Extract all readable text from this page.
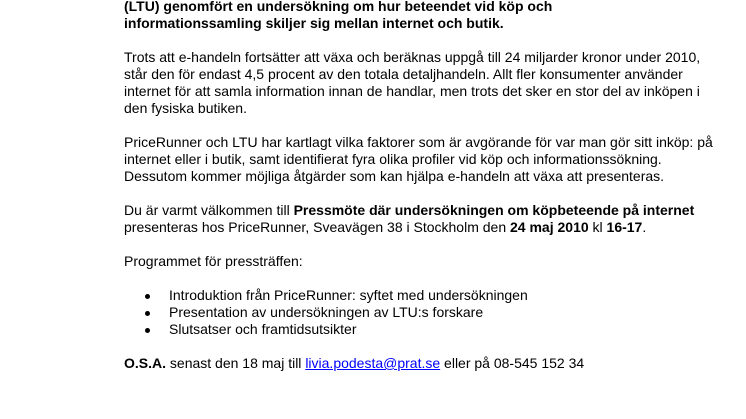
(LTU) genomfört en undersökning om hur beteendet vid köp och
informationssamling skiljer sig mellan internet och butik.

Trots att e-handeln fortsätter att växa och beräknas uppgå till 24 miljarder kronor under 2010, står den för endast 4,5 procent av den totala detaljhandeln. Allt fler konsumenter använder internet för att samla information innan de handlar, men trots det sker en stor del av inköpen i den fysiska butiken.

PriceRunner och LTU har kartlagt vilka faktorer som är avgörande för var man gör sitt inköp: på internet eller i butik, samt identifierat fyra olika profiler vid köp och informationssökning. Dessutom kommer möjliga åtgärder som kan hjälpa e-handeln att växa att presenteras.

Du är varmt välkommen till Pressmöte där undersökningen om köpbeteende på internet presenteras hos PriceRunner, Sveavägen 38 i Stockholm den 24 maj 2010 kl 16-17.

Programmet för pressträffen:

Introduktion från PriceRunner: syftet med undersökningen
Presentation av undersökningen av LTU:s forskare
Slutsatser och framtidsutsikter

O.S.A. senast den 18 maj till livia.podesta@prat.se eller på 08-545 152 34
